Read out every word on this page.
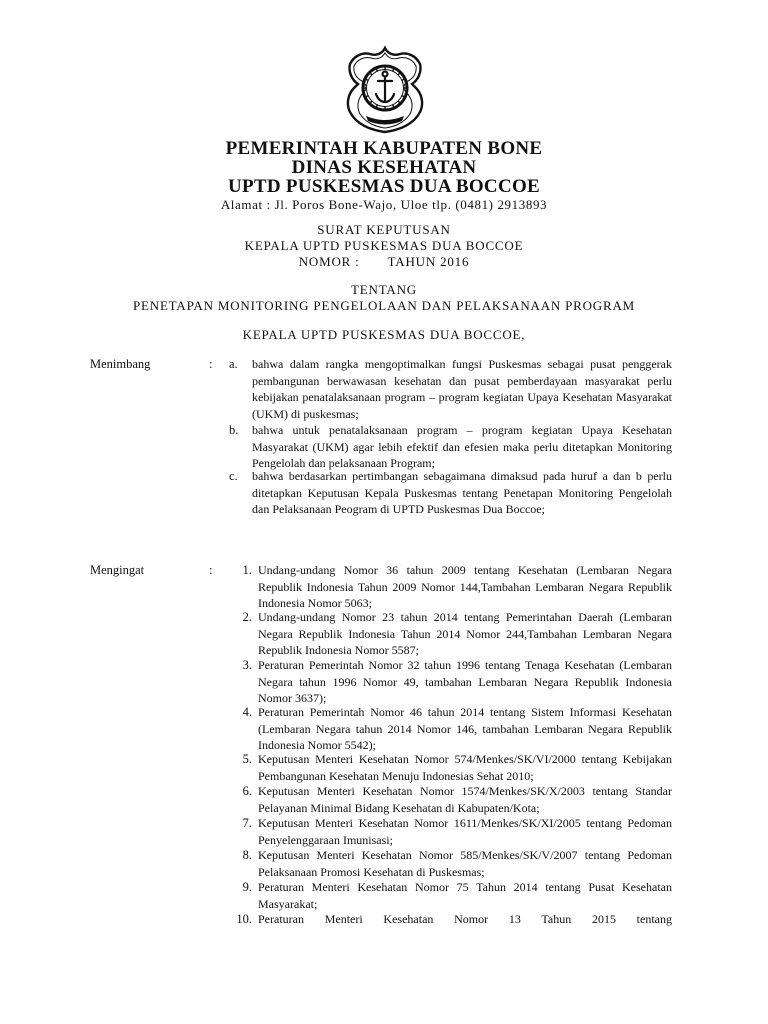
PEMERINTAH KABUPATEN BONE
DINAS KESEHATAN
UPTD PUSKESMAS DUA BOCCOE
Alamat : Jl. Poros Bone-Wajo, Uloe tlp. (0481) 2913893
SURAT KEPUTUSAN
KEPALA UPTD PUSKESMAS DUA BOCCOE
NOMOR : TAHUN 2016
TENTANG
PENETAPAN MONITORING PENGELOLAAN DAN PELAKSANAAN PROGRAM
KEPALA UPTD PUSKESMAS DUA BOCCOE,
Menimbang	: a. bahwa dalam rangka mengoptimalkan fungsi Puskesmas sebagai pusat penggerak pembangunan berwawasan kesehatan dan pusat pemberdayaan masyarakat perlu kebijakan penatalaksanaan program – program kegiatan Upaya Kesehatan Masyarakat (UKM) di puskesmas;
b. bahwa untuk penatalaksanaan program – program kegiatan Upaya Kesehatan Masyarakat (UKM) agar lebih efektif dan efesien maka perlu ditetapkan Monitoring Pengelolah dan pelaksanaan Program;
c. bahwa berdasarkan pertimbangan sebagaimana dimaksud pada huruf a dan b perlu ditetapkan Keputusan Kepala Puskesmas tentang Penetapan Monitoring Pengelolah dan Pelaksanaan Peogram di UPTD Puskesmas Dua Boccoe;
Mengingat	:	1. Undang-undang Nomor 36 tahun 2009 tentang Kesehatan (Lembaran Negara Republik Indonesia Tahun 2009 Nomor 144,Tambahan Lembaran Negara Republik Indonesia Nomor 5063;
2. Undang-undang Nomor 23 tahun 2014 tentang Pemerintahan Daerah (Lembaran Negara Republik Indonesia Tahun 2014 Nomor 244,Tambahan Lembaran Negara Republik Indonesia Nomor 5587;
3. Peraturan Pemerintah Nomor 32 tahun 1996 tentang Tenaga Kesehatan (Lembaran Negara tahun 1996 Nomor 49, tambahan Lembaran Negara Republik Indonesia Nomor 3637);
4. Peraturan Pemerintah Nomor 46 tahun 2014 tentang Sistem Informasi Kesehatan (Lembaran Negara tahun 2014 Nomor 146, tambahan Lembaran Negara Republik Indonesia Nomor 5542);
5. Keputusan Menteri Kesehatan Nomor 574/Menkes/SK/VI/2000 tentang Kebijakan Pembangunan Kesehatan Menuju Indonesias Sehat 2010;
6. Keputusan Menteri Kesehatan Nomor 1574/Menkes/SK/X/2003 tentang Standar Pelayanan Minimal Bidang Kesehatan di Kabupaten/Kota;
7. Keputusan Menteri Kesehatan Nomor 1611/Menkes/SK/XI/2005 tentang Pedoman Penyelenggaraan Imunisasi;
8. Keputusan Menteri Kesehatan Nomor 585/Menkes/SK/V/2007 tentang Pedoman Pelaksanaan Promosi Kesehatan di Puskesmas;
9. Peraturan Menteri Kesehatan Nomor 75 Tahun 2014 tentang Pusat Kesehatan Masyarakat;
10. Peraturan Menteri Kesehatan Nomor 13 Tahun 2015 tentang
